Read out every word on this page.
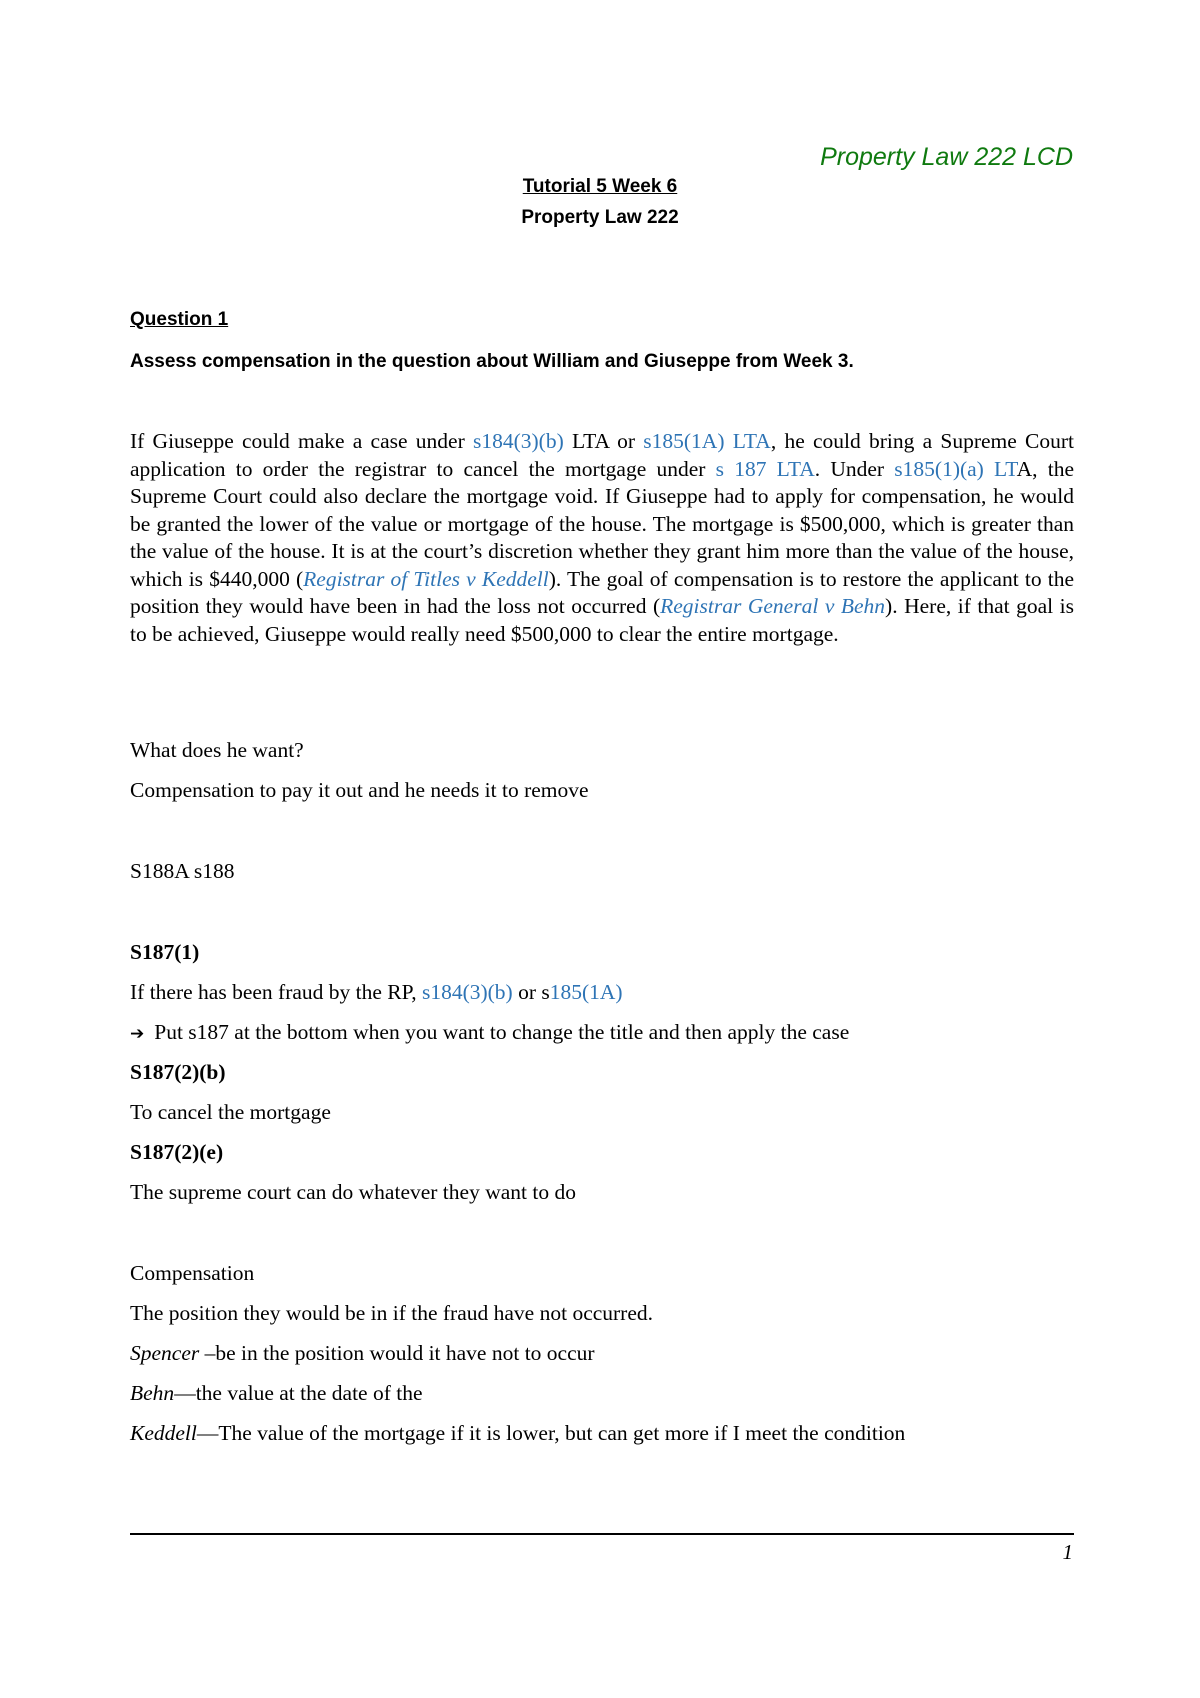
Property Law 222 LCD
Tutorial 5 Week 6
Property Law 222
Question 1
Assess compensation in the question about William and Giuseppe from Week 3.
If Giuseppe could make a case under s184(3)(b) LTA or s185(1A) LTA, he could bring a Supreme Court application to order the registrar to cancel the mortgage under s 187 LTA. Under s185(1)(a) LTA, the Supreme Court could also declare the mortgage void. If Giuseppe had to apply for compensation, he would be granted the lower of the value or mortgage of the house. The mortgage is $500,000, which is greater than the value of the house. It is at the court’s discretion whether they grant him more than the value of the house, which is $440,000 (Registrar of Titles v Keddell). The goal of compensation is to restore the applicant to the position they would have been in had the loss not occurred (Registrar General v Behn). Here, if that goal is to be achieved, Giuseppe would really need $500,000 to clear the entire mortgage.
What does he want?
Compensation to pay it out and he needs it to remove
S188A s188
S187(1)
If there has been fraud by the RP, s184(3)(b) or s185(1A)
➔ Put s187 at the bottom when you want to change the title and then apply the case
S187(2)(b)
To cancel the mortgage
S187(2)(e)
The supreme court can do whatever they want to do
Compensation
The position they would be in if the fraud have not occurred.
Spencer –be in the position would it have not to occur
Behn—the value at the date of the
Keddell—The value of the mortgage if it is lower, but can get more if I meet the condition
1
